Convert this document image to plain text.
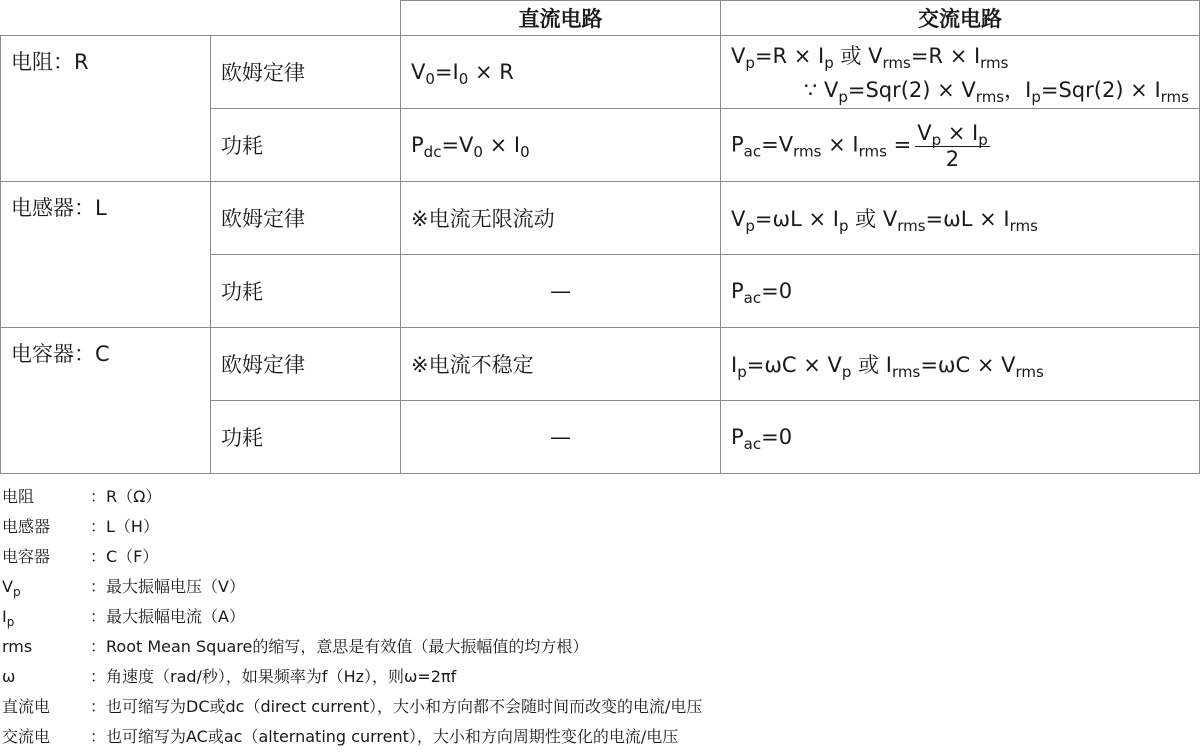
		直流电路	交流电路
电阻：R	欧姆定律	$V_0=I_0 \times R$	$V_p=R \times I_p$ 或 $V_{rms}=R \times I_{rms}$
∵ $V_p=Sqr(2) \times V_{rms}$，$I_p=Sqr(2) \times I_{rms}$

	功耗	$P_{dc}=V_0 \times I_0$	$P_{ac}=V_{rms} \times I_{rms} = \frac{V_p \times I_p}{2}$

电感器：L	欧姆定律	※电流无限流动	$V_p=\omega L \times I_p$ 或 $V_{rms}=\omega L \times I_{rms}$
	功耗	—	$P_{ac}=0$
电容器：C	欧姆定律	※电流不稳定	$I_p=\omega C \times V_p$ 或 $I_{rms}=\omega C \times V_{rms}$
	功耗	—	$P_{ac}=0$
电阻	：R（Ω）
电感器	：L（H）
电容器	：C（F）
$V_p$	：最大振幅电压（V）
$I_p$	：最大振幅电流（A）
rms	：Root Mean Square的缩写，意思是有效值（最大振幅值的均方根）
ω	：角速度（rad/秒），如果频率为f（Hz），则ω=2πf
直流电	：也可缩写为DC或dc（direct current），大小和方向都不会随时间而改变的电流/电压
交流电	：也可缩写为AC或ac（alternating current），大小和方向周期性变化的电流/电压
